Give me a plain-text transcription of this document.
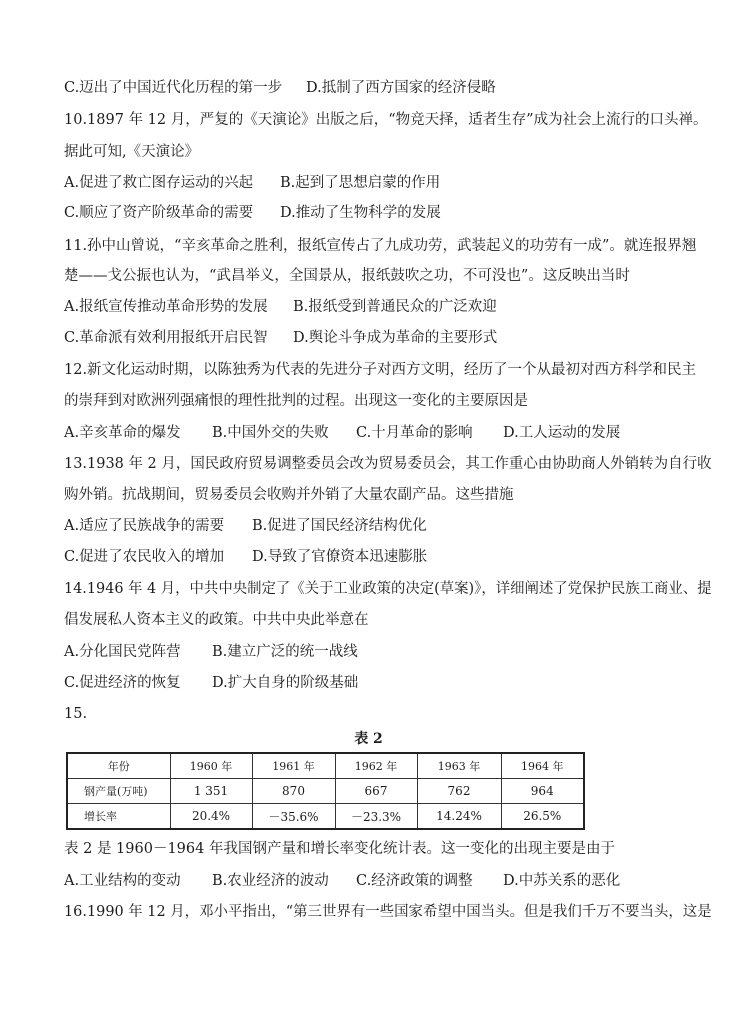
C.迈出了中国近代化历程的第一步 D.抵制了西方国家的经济侵略
10.1897 年 12 月，严复的《天演论》出版之后，“物竞天择，适者生存”成为社会上流行的口头禅。
据此可知,《天演论》
A.促进了救亡图存运动的兴起 B.起到了思想启蒙的作用
C.顺应了资产阶级革命的需要 D.推动了生物科学的发展
11.孙中山曾说，“辛亥革命之胜利，报纸宣传占了九成功劳，武装起义的功劳有一成”。就连报界翘
楚——戈公振也认为，“武昌举义，全国景从，报纸鼓吹之功，不可没也”。这反映出当时
A.报纸宣传推动革命形势的发展 B.报纸受到普通民众的广泛欢迎
C.革命派有效利用报纸开启民智 D.舆论斗争成为革命的主要形式
12.新文化运动时期，以陈独秀为代表的先进分子对西方文明，经历了一个从最初对西方科学和民主
的崇拜到对欧洲列强痛恨的理性批判的过程。出现这一变化的主要原因是
A.辛亥革命的爆发 B.中国外交的失败 C.十月革命的影响 D.工人运动的发展
13.1938 年 2 月，国民政府贸易调整委员会改为贸易委员会，其工作重心由协助商人外销转为自行收
购外销。抗战期间，贸易委员会收购并外销了大量农副产品。这些措施
A.适应了民族战争的需要 B.促进了国民经济结构优化
C.促进了农民收入的增加 D.导致了官僚资本迅速膨胀
14.1946 年 4 月，中共中央制定了《关于工业政策的决定(草案)》，详细阐述了党保护民族工商业、提
倡发展私人资本主义的政策。中共中央此举意在
A.分化国民党阵营 B.建立广泛的统一战线
C.促进经济的恢复 D.扩大自身的阶级基础
15.
表 2
年份	1960 年	1961 年	1962 年	1963 年	1964 年
钢产量(万吨)	1 351	870	667	762	964
增长率	20.4%	－35.6%	－23.3%	14.24%	26.5%
表 2 是 1960－1964 年我国钢产量和增长率变化统计表。这一变化的出现主要是由于
A.工业结构的变动 B.农业经济的波动 C.经济政策的调整 D.中苏关系的恶化
16.1990 年 12 月，邓小平指出，“第三世界有一些国家希望中国当头。但是我们千万不要当头，这是
